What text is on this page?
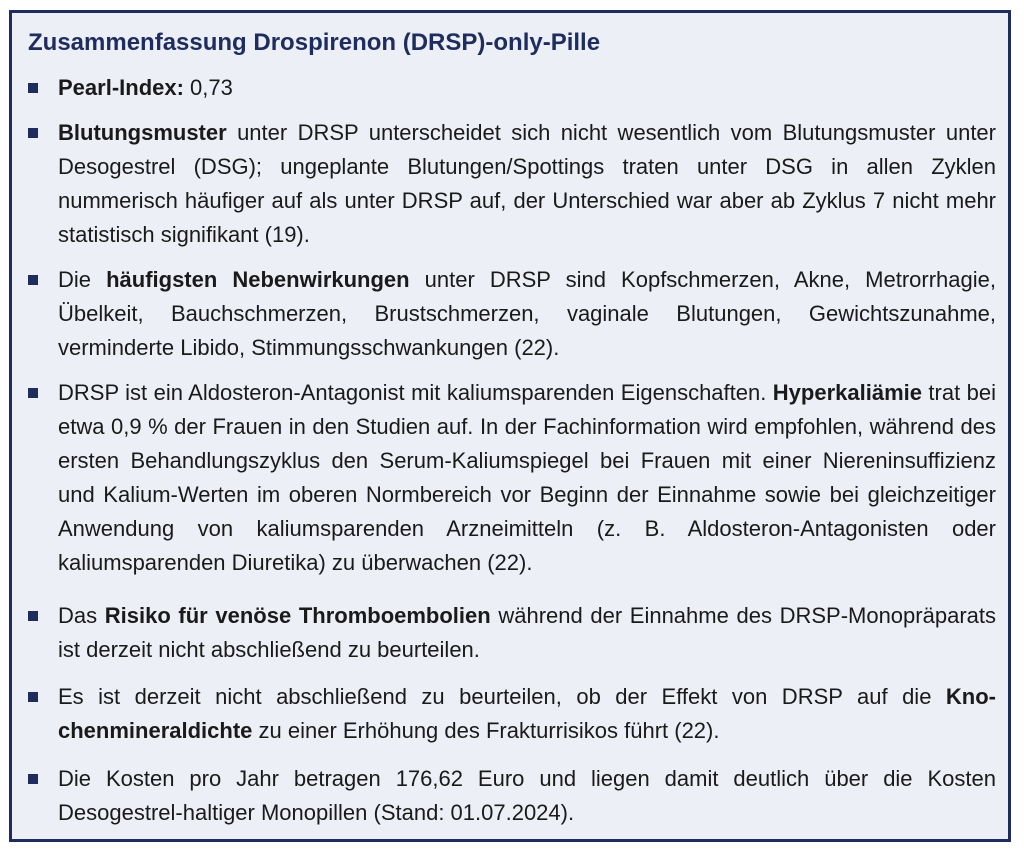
Zusammenfassung Drospirenon (DRSP)-only-Pille
Pearl-Index: 0,73
Blutungsmuster unter DRSP unterscheidet sich nicht wesentlich vom Blutungsmuster unter Desogestrel (DSG); ungeplante Blutungen/Spottings traten unter DSG in allen Zyklen nummerisch häufiger auf als unter DRSP auf, der Unterschied war aber ab Zyklus 7 nicht mehr statistisch signifikant (19).
Die häufigsten Nebenwirkungen unter DRSP sind Kopfschmerzen, Akne, Metrorrhagie, Übelkeit, Bauchschmerzen, Brustschmerzen, vaginale Blutungen, Gewichtszunahme, verminderte Libido, Stimmungsschwankungen (22).
DRSP ist ein Aldosteron-Antagonist mit kaliumsparenden Eigenschaften. Hyperkaliämie trat bei etwa 0,9 % der Frauen in den Studien auf. In der Fachinformation wird empfohlen, während des ersten Behandlungszyklus den Serum-Kaliumspiegel bei Frauen mit einer Niereninsuffizienz und Kalium-Werten im oberen Normbereich vor Beginn der Einnahme sowie bei gleichzeitiger Anwendung von kaliumsparenden Arzneimitteln (z. B. Aldosteron-Antagonisten oder kaliumsparenden Diuretika) zu überwachen (22).
Das Risiko für venöse Thromboembolien während der Einnahme des DRSP-Monopräparats ist derzeit nicht abschließend zu beurteilen.
Es ist derzeit nicht abschließend zu beurteilen, ob der Effekt von DRSP auf die Knochenmineraldichte zu einer Erhöhung des Frakturrisikos führt (22).
Die Kosten pro Jahr betragen 176,62 Euro und liegen damit deutlich über die Kosten Desogestrel-haltiger Monopillen (Stand: 01.07.2024).
